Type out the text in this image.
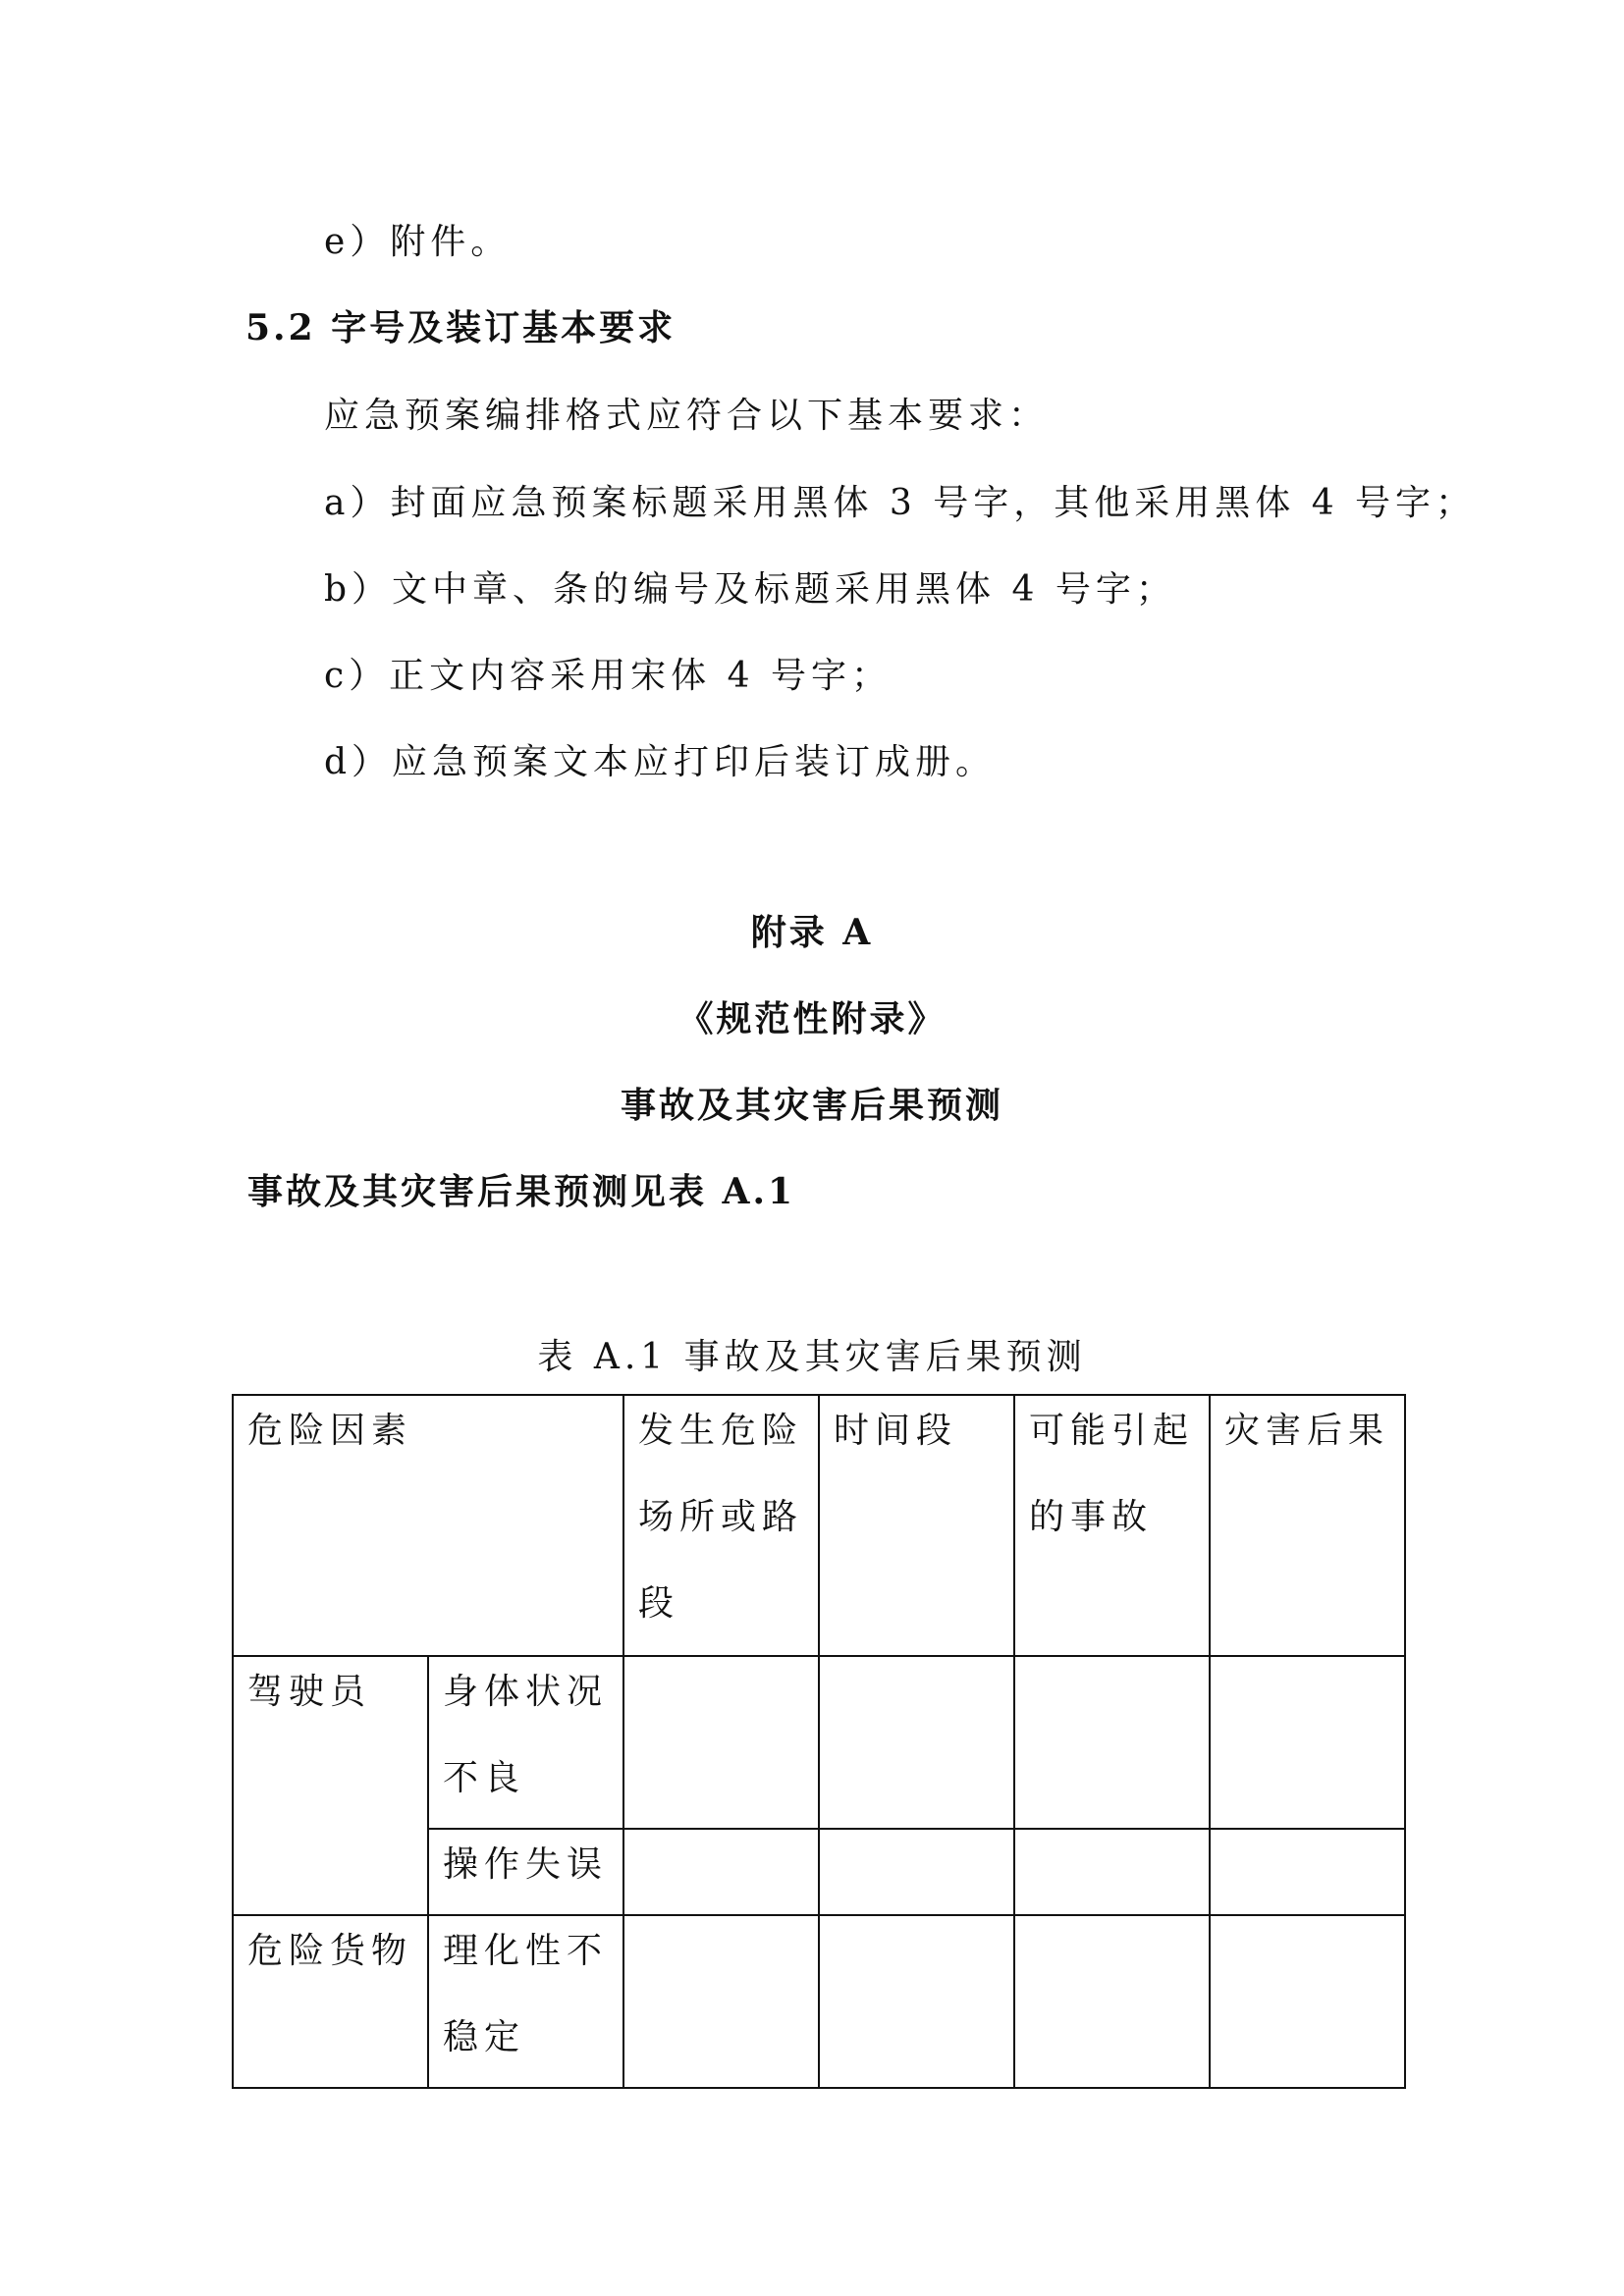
e）附件。

5.2 字号及装订基本要求

应急预案编排格式应符合以下基本要求：

a）封面应急预案标题采用黑体 3 号字，其他采用黑体 4 号字；

b）文中章、条的编号及标题采用黑体 4 号字；

c）正文内容采用宋体 4 号字；

d）应急预案文本应打印后装订成册。

附录 A

《规范性附录》

事故及其灾害后果预测

事故及其灾害后果预测见表 A.1

表 A.1 事故及其灾害后果预测

危险因素		发生危险场所或路段	时间段	可能引起的事故	灾害后果

驾驶员	身体状况不良				

	操作失误				

危险货物	理化性不稳定				
